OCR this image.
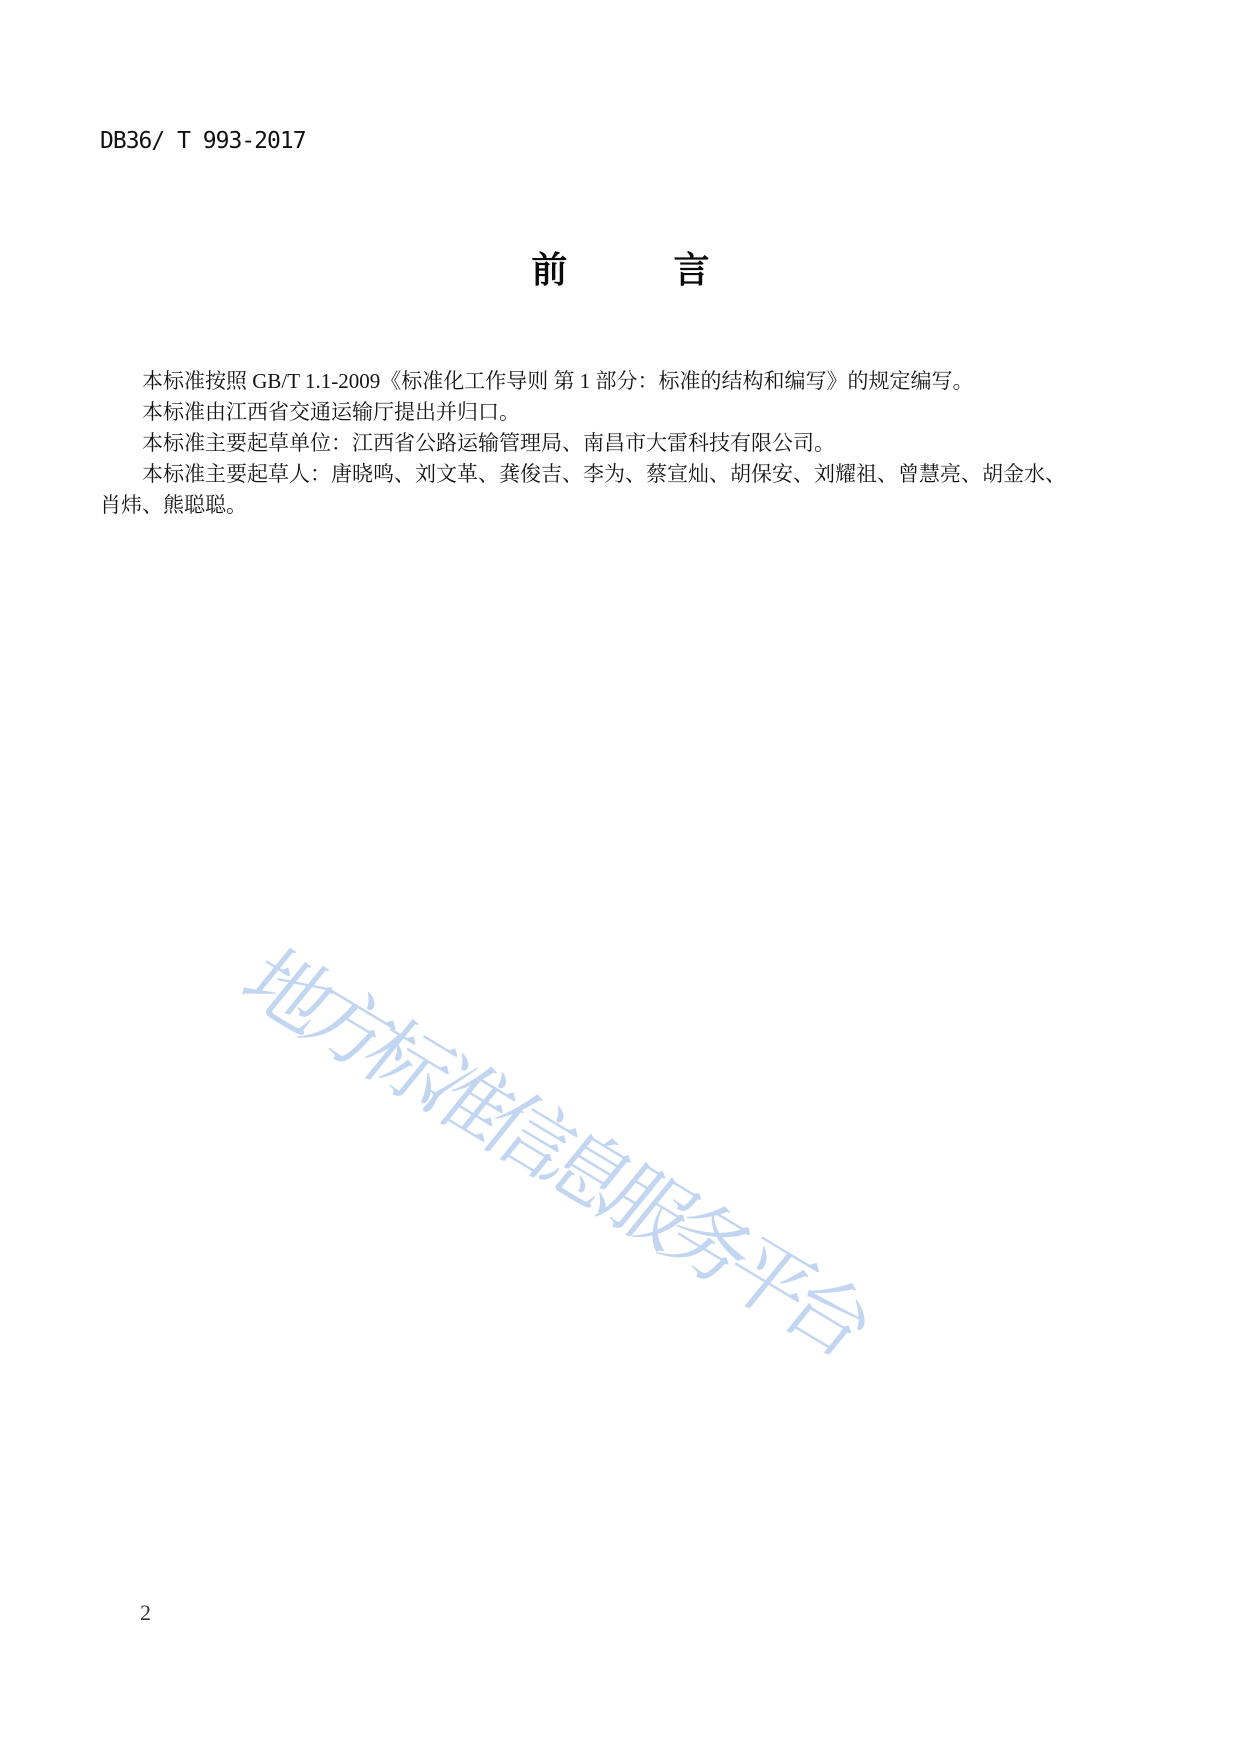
DB36/ T 993-2017
前 言

本标准按照 GB/T 1.1-2009《标准化工作导则 第 1 部分：标准的结构和编写》的规定编写。

本标准由江西省交通运输厅提出并归口。

本标准主要起草单位：江西省公路运输管理局、南昌市大雷科技有限公司。

本标准主要起草人：唐晓鸣、刘文革、龚俊吉、李为、蔡宣灿、胡保安、刘耀祖、曾慧亮、胡金水、

肖炜、熊聪聪。

地方标准信息服务平台
2
